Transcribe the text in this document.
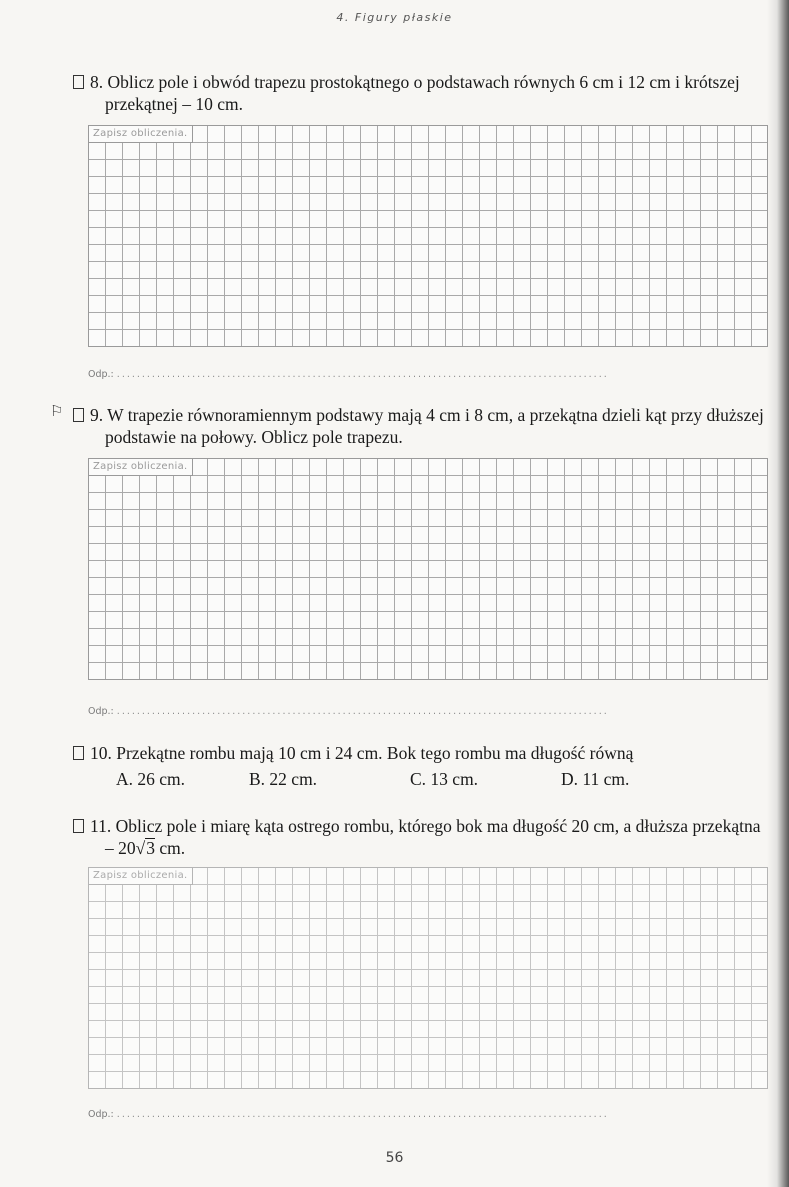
4. Figury płaskie
8. Oblicz pole i obwód trapezu prostokątnego o podstawach równych 6 cm i 12 cm i krótszej
przekątnej – 10 cm.
Zapisz obliczenia.
Odp.: ..................................................................................................
⚐	9. W trapezie równoramiennym podstawy mają 4 cm i 8 cm, a przekątna dzieli kąt przy dłuższej
podstawie na połowy. Oblicz pole trapezu.
Zapisz obliczenia.
Odp.: ..................................................................................................
10. Przekątne rombu mają 10 cm i 24 cm. Bok tego rombu ma długość równą
A. 26 cm.	B. 22 cm.	C. 13 cm.	D. 11 cm.
11. Oblicz pole i miarę kąta ostrego rombu, którego bok ma długość 20 cm, a dłuższa przekątna
– 20√3 cm.
Zapisz obliczenia.
Odp.: ..................................................................................................
56
